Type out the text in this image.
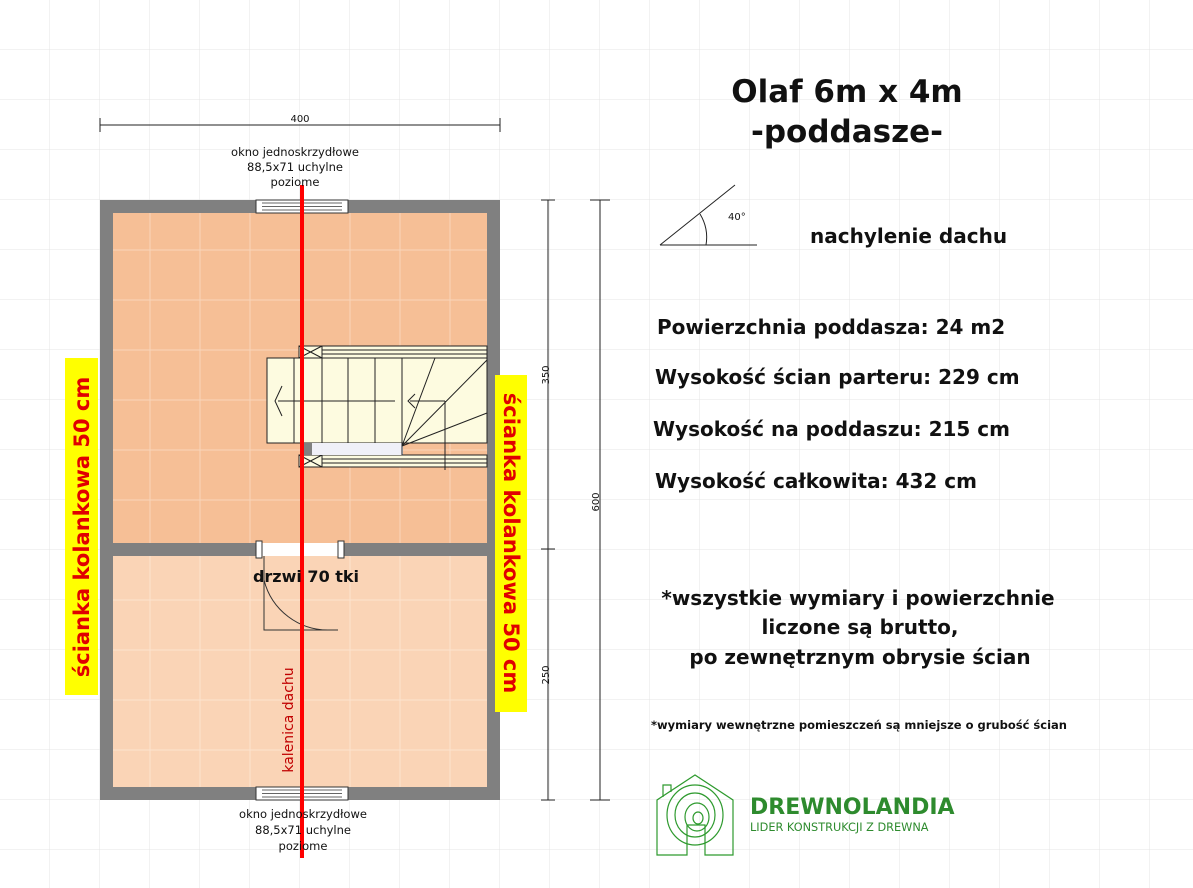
kalenica dachu
400
350
250
600
okno jednoskrzydłowe
88,5x71 uchylne
poziome
okno jednoskrzydłowe
88,5x71 uchylne
poziome
drzwi 70 tki
ścianka kolankowa 50 cm	ścianka kolankowa 50 cm
Olaf 6m x 4m
-poddasze-
40°
nachylenie dachu
Powierzchnia poddasza: 24 m2
Wysokość ścian parteru: 229 cm
Wysokość na poddaszu: 215 cm
Wysokość całkowita: 432 cm
*wszystkie wymiary i powierzchnie
liczone są brutto,
po zewnętrznym obrysie ścian
*wymiary wewnętrzne pomieszczeń są mniejsze o grubość ścian
DREWNOLANDIA
LIDER KONSTRUKCJI Z DREWNA
